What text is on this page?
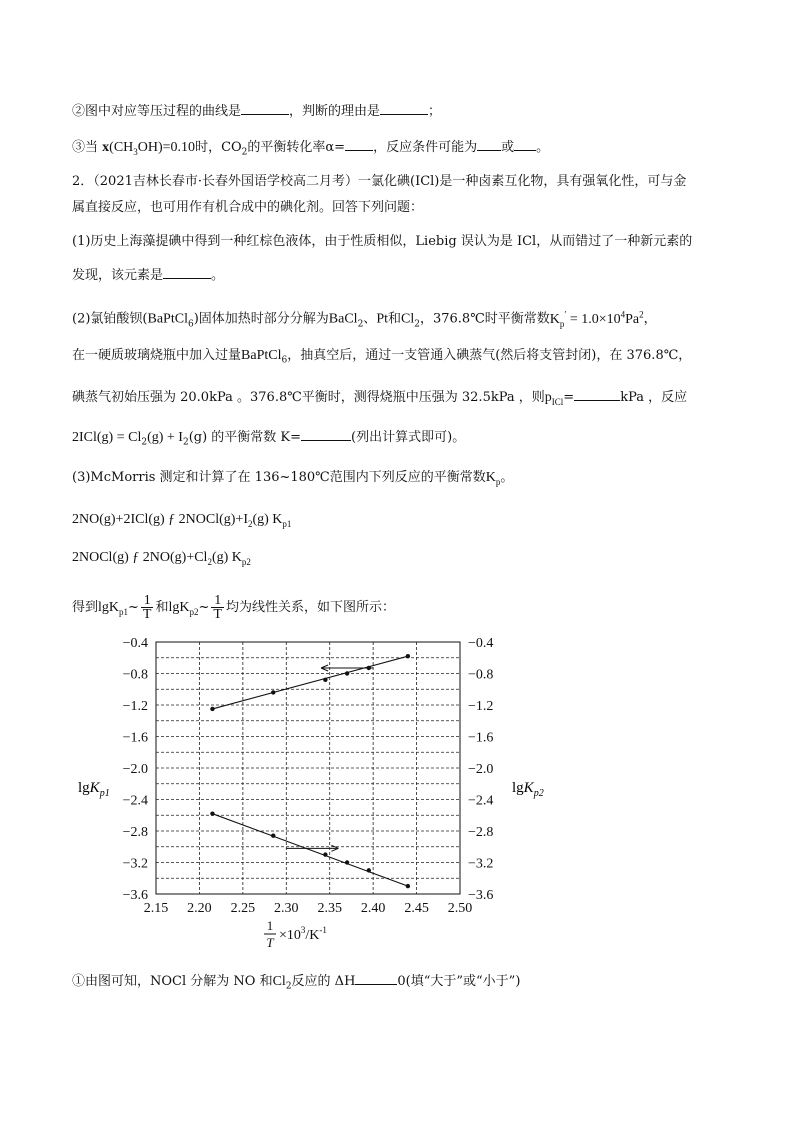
②图中对应等压过程的曲线是	，判断的理由是	；
③当 $x(CH_3OH)=0.10$时，$CO_2$的平衡转化率α= ，反应条件可能为 或 。
2．（2021吉林长春市·长春外国语学校高二月考）一氯化碘(ICl)是一种卤素互化物，具有强氧化性，可与金
属直接反应，也可用作有机合成中的碘化剂。回答下列问题：
(1)历史上海藻提碘中得到一种红棕色液体，由于性质相似，Liebig 误认为是 ICl，从而错过了一种新元素的
发现，该元素是	。
(2)氯铂酸钡(BaPtCl$_6$)固体加热时部分分解为BaCl$_2$、Pt和$Cl_2$，376.8℃时平衡常数$K_p' = 1.0\times 10^4Pa^2$，
在一硬质玻璃烧瓶中加入过量BaPtCl$_6$，抽真空后，通过一支管通入碘蒸气(然后将支管封闭)，在 376.8℃，
碘蒸气初始压强为 20.0kPa 。376.8℃平衡时，测得烧瓶中压强为 32.5kPa ，则$p_{ICl}=$	kPa ，反应
$2ICl(g) = Cl_2(g) + I_2(g)$ 的平衡常数 K=	(列出计算式即可)。
(3)McMorris 测定和计算了在 136~180℃范围内下列反应的平衡常数$K_p$。
2NO(g)+2ICl(g) ƒ $2NOCl(g)+I_2(g)$ $K_{p1}$
2NOCl(g) ƒ $2NO(g)+Cl_2(g)$ $K_{p2}$
得到lgK$_{p1}$~ $\frac{1}{T}$ 和lgK$_{p2}$~ $\frac{1}{T}$ 均为线性关系，如下图所示：
2.15 2.20 2.25 2.30 2.35 2.40 2.45 2.50
−0.4	−0.4
−0.8	−0.8
−1.2	−1.2
−1.6	−1.6
−2.0	−2.0
−2.4	−2.4
−2.8	−2.8
−3.2	−3.2
−3.6	−3.6
lgK$_{p1}$	lgK$_{p2}$
1
$T \times 10^3/K^{-1}$
①由图可知，NOCl 分解为 NO 和$Cl_2$反应的 ΔH	0(填“大于”或“小于”)
